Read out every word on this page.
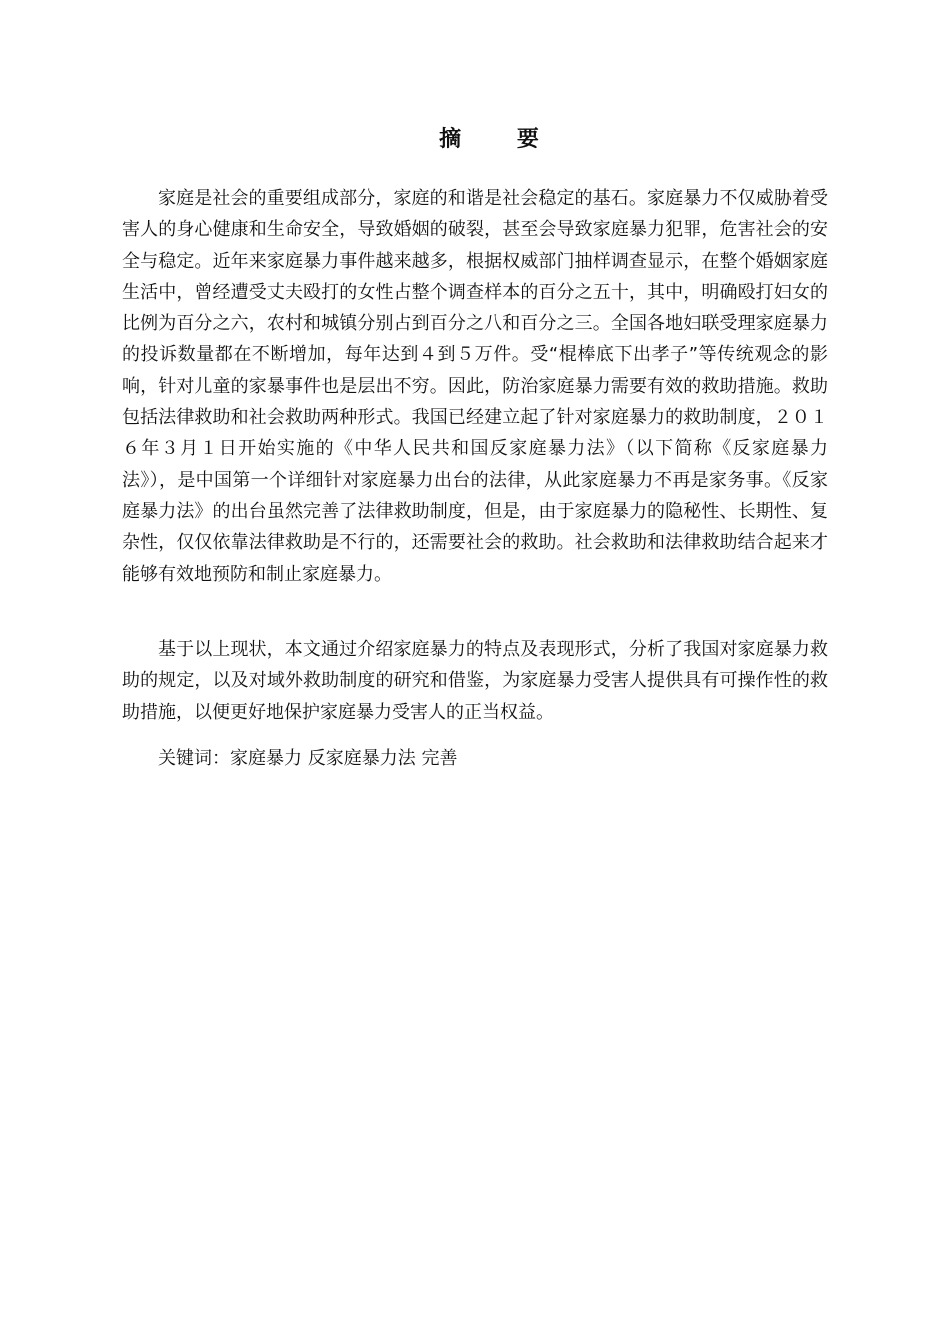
摘 要

家庭是社会的重要组成部分，家庭的和谐是社会稳定的基石。家庭暴力不仅威胁着受害人的身心健康和生命安全，导致婚姻的破裂，甚至会导致家庭暴力犯罪，危害社会的安全与稳定。近年来家庭暴力事件越来越多，根据权威部门抽样调查显示，在整个婚姻家庭生活中，曾经遭受丈夫殴打的女性占整个调查样本的百分之五十，其中，明确殴打妇女的比例为百分之六，农村和城镇分别占到百分之八和百分之三。全国各地妇联受理家庭暴力的投诉数量都在不断增加，每年达到４到５万件。受“棍棒底下出孝子”等传统观念的影响，针对儿童的家暴事件也是层出不穷。因此，防治家庭暴力需要有效的救助措施。救助包括法律救助和社会救助两种形式。我国已经建立起了针对家庭暴力的救助制度，２０１６年３月１日开始实施的《中华人民共和国反家庭暴力法》（以下简称《反家庭暴力法》），是中国第一个详细针对家庭暴力出台的法律，从此家庭暴力不再是家务事。《反家庭暴力法》的出台虽然完善了法律救助制度，但是，由于家庭暴力的隐秘性、长期性、复杂性，仅仅依靠法律救助是不行的，还需要社会的救助。社会救助和法律救助结合起来才能够有效地预防和制止家庭暴力。

基于以上现状，本文通过介绍家庭暴力的特点及表现形式，分析了我国对家庭暴力救助的规定，以及对域外救助制度的研究和借鉴，为家庭暴力受害人提供具有可操作性的救助措施，以便更好地保护家庭暴力受害人的正当权益。

关键词：家庭暴力 反家庭暴力法 完善
